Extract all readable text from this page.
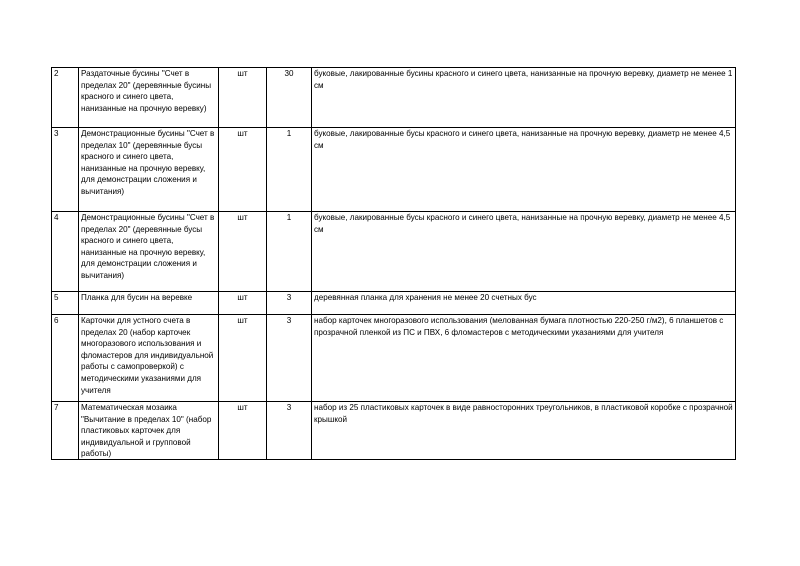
2	Раздаточные бусины "Счет в пределах 20" (деревянные бусины красного и синего цвета, нанизанные на прочную веревку)	шт	30	буковые, лакированные бусины красного и синего цвета, нанизанные на прочную веревку, диаметр не менее 1 см
3	Демонстрационные бусины "Счет в пределах 10" (деревянные бусы красного и синего цвета, нанизанные на прочную веревку, для демонстрации сложения и вычитания)	шт	1	буковые, лакированные бусы красного и синего цвета, нанизанные на прочную веревку, диаметр не менее 4,5 см
4	Демонстрационные бусины "Счет в пределах 20" (деревянные бусы красного и синего цвета, нанизанные на прочную веревку, для демонстрации сложения и вычитания)	шт	1	буковые, лакированные бусы красного и синего цвета, нанизанные на прочную веревку, диаметр не менее 4,5 см
5	Планка для бусин на веревке	шт	3	деревянная планка для хранения не менее 20 счетных бус
6	Карточки для устного счета в пределах 20 (набор карточек многоразового использования и фломастеров для индивидуальной работы с самопроверкой) с методическими указаниями для учителя	шт	3	набор карточек многоразового использования (мелованная бумага плотностью 220-250 г/м2), 6 планшетов с прозрачной пленкой из ПС и ПВХ, 6 фломастеров с методическими указаниями для учителя
7	Математическая мозаика "Вычитание в пределах 10" (набор пластиковых карточек для индивидуальной и групповой работы)	шт	3	набор из 25 пластиковых карточек в виде равносторонних треугольников, в пластиковой коробке с прозрачной крышкой
